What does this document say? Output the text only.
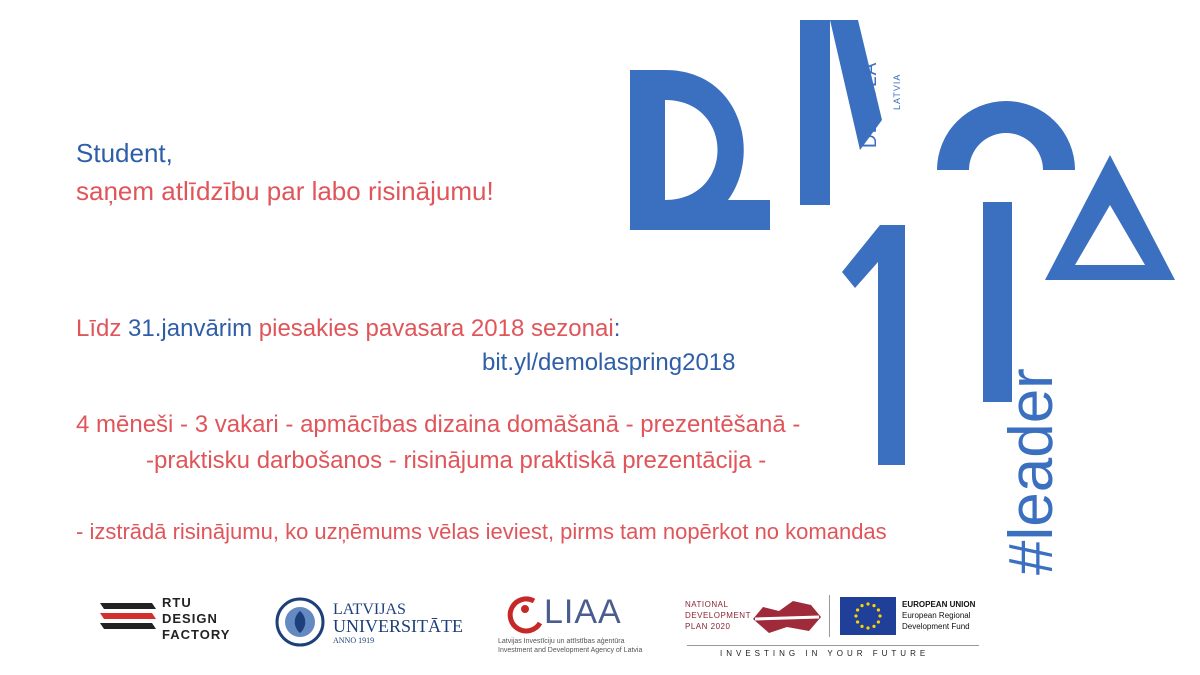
Student,
saņem atlīdzību par labo risinājumu!
Līdz 31.janvārim piesakies pavasara 2018 sezonai:
bit.yl/demolaspring2018
4 mēneši - 3 vakari - apmācības dizaina domāšanā - prezentēšanā -
-praktisku darbošanos - risinājuma praktiskā prezentācija -
- izstrādā risinājumu, ko uzņēmums vēlas ieviest, pirms tam nopērkot no komandas
DEMOLA	LATVIA
#leader
RTU
DESIGN
FACTORY
LATVIJAS
UNIVERSITĀTE
ANNO 1919
LIAA
Latvijas Investīciju un attīstības aģentūra
Investment and Development Agency of Latvia
NATIONAL
DEVELOPMENT
PLAN 2020
EUROPEAN UNION
European Regional
Development Fund
INVESTING IN YOUR FUTURE
